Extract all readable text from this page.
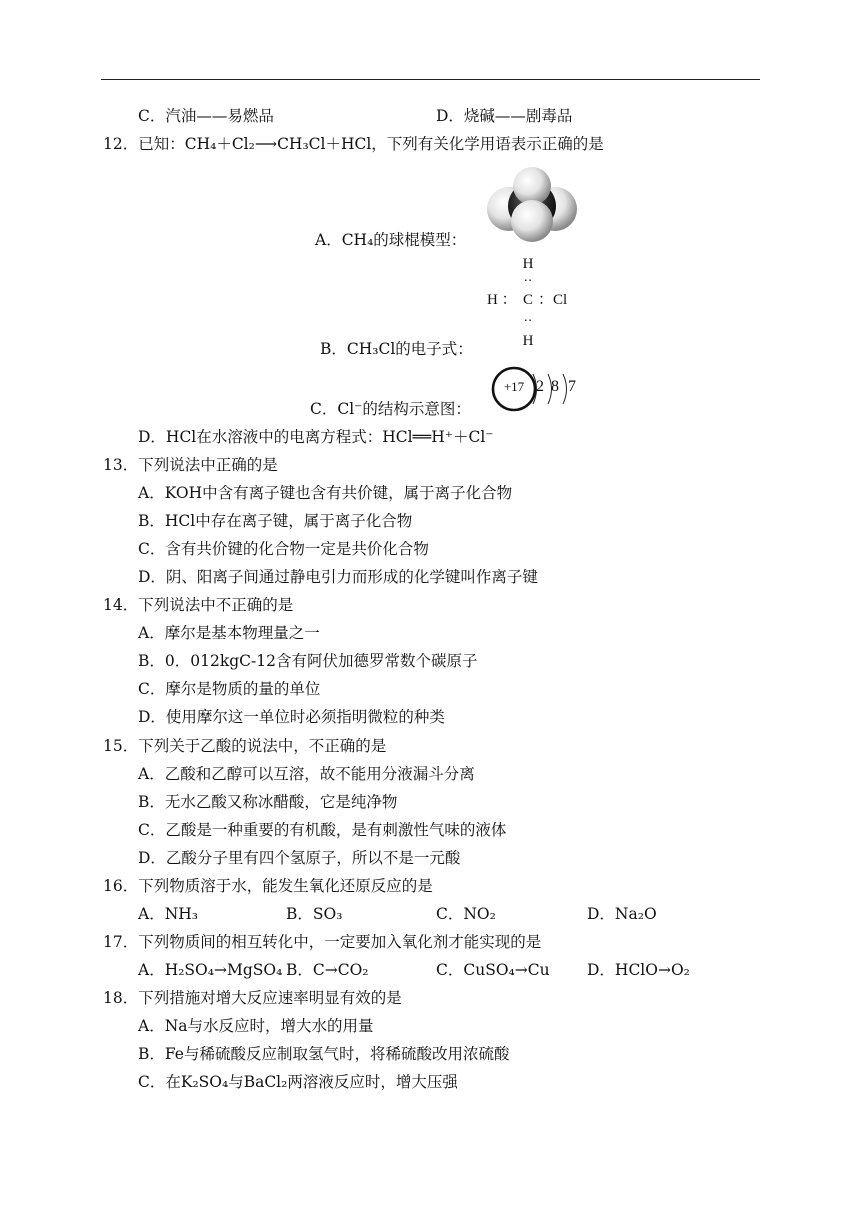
C．汽油——易燃品	D．烧碱——剧毒品
12．已知：CH₄＋Cl₂⟶CH₃Cl＋HCl，下列有关化学用语表示正确的是
A．CH₄的球棍模型：
H
‥
H ： C ：Cl
‥
H
B．CH₃Cl的电子式：
+17 2 8 7
C．Cl⁻的结构示意图：
D．HCl在水溶液中的电离方程式：HCl══H⁺＋Cl⁻
13．下列说法中正确的是
A．KOH中含有离子键也含有共价键，属于离子化合物
B．HCl中存在离子键，属于离子化合物
C．含有共价键的化合物一定是共价化合物
D．阴、阳离子间通过静电引力而形成的化学键叫作离子键
14．下列说法中不正确的是
A．摩尔是基本物理量之一
B．0．012kgC-12含有阿伏加德罗常数个碳原子
C．摩尔是物质的量的单位
D．使用摩尔这一单位时必须指明微粒的种类
15．下列关于乙酸的说法中，不正确的是
A．乙酸和乙醇可以互溶，故不能用分液漏斗分离
B．无水乙酸又称冰醋酸，它是纯净物
C．乙酸是一种重要的有机酸，是有刺激性气味的液体
D．乙酸分子里有四个氢原子，所以不是一元酸
16．下列物质溶于水，能发生氧化还原反应的是
A．NH₃	B．SO₃	C．NO₂	D．Na₂O
17．下列物质间的相互转化中，一定要加入氧化剂才能实现的是
A．H₂SO₄→MgSO₄ B．C→CO₂	C．CuSO₄→Cu D．HClO→O₂
18．下列措施对增大反应速率明显有效的是
A．Na与水反应时，增大水的用量
B．Fe与稀硫酸反应制取氢气时，将稀硫酸改用浓硫酸
C．在K₂SO₄与BaCl₂两溶液反应时，增大压强
